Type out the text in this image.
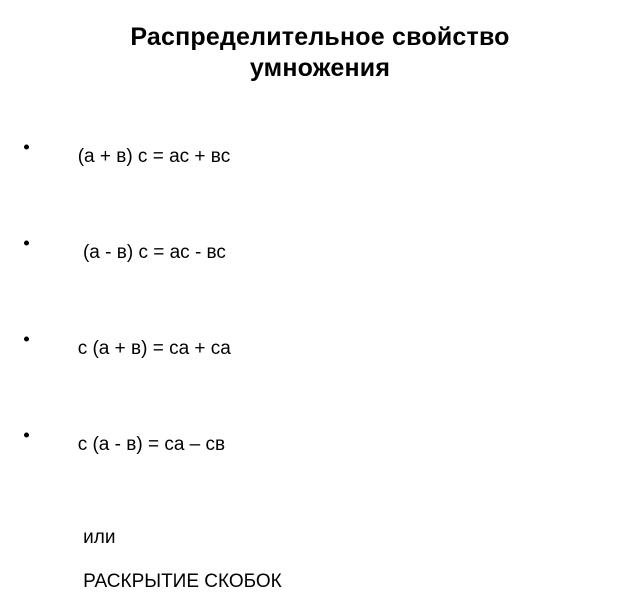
Распределительное свойство
умножения

(а + в) с = ас + вс

(а - в) с = ас - вс

с (а + в) = са + са

с (а - в) = са – св

или

РАСКРЫТИЕ СКОБОК
